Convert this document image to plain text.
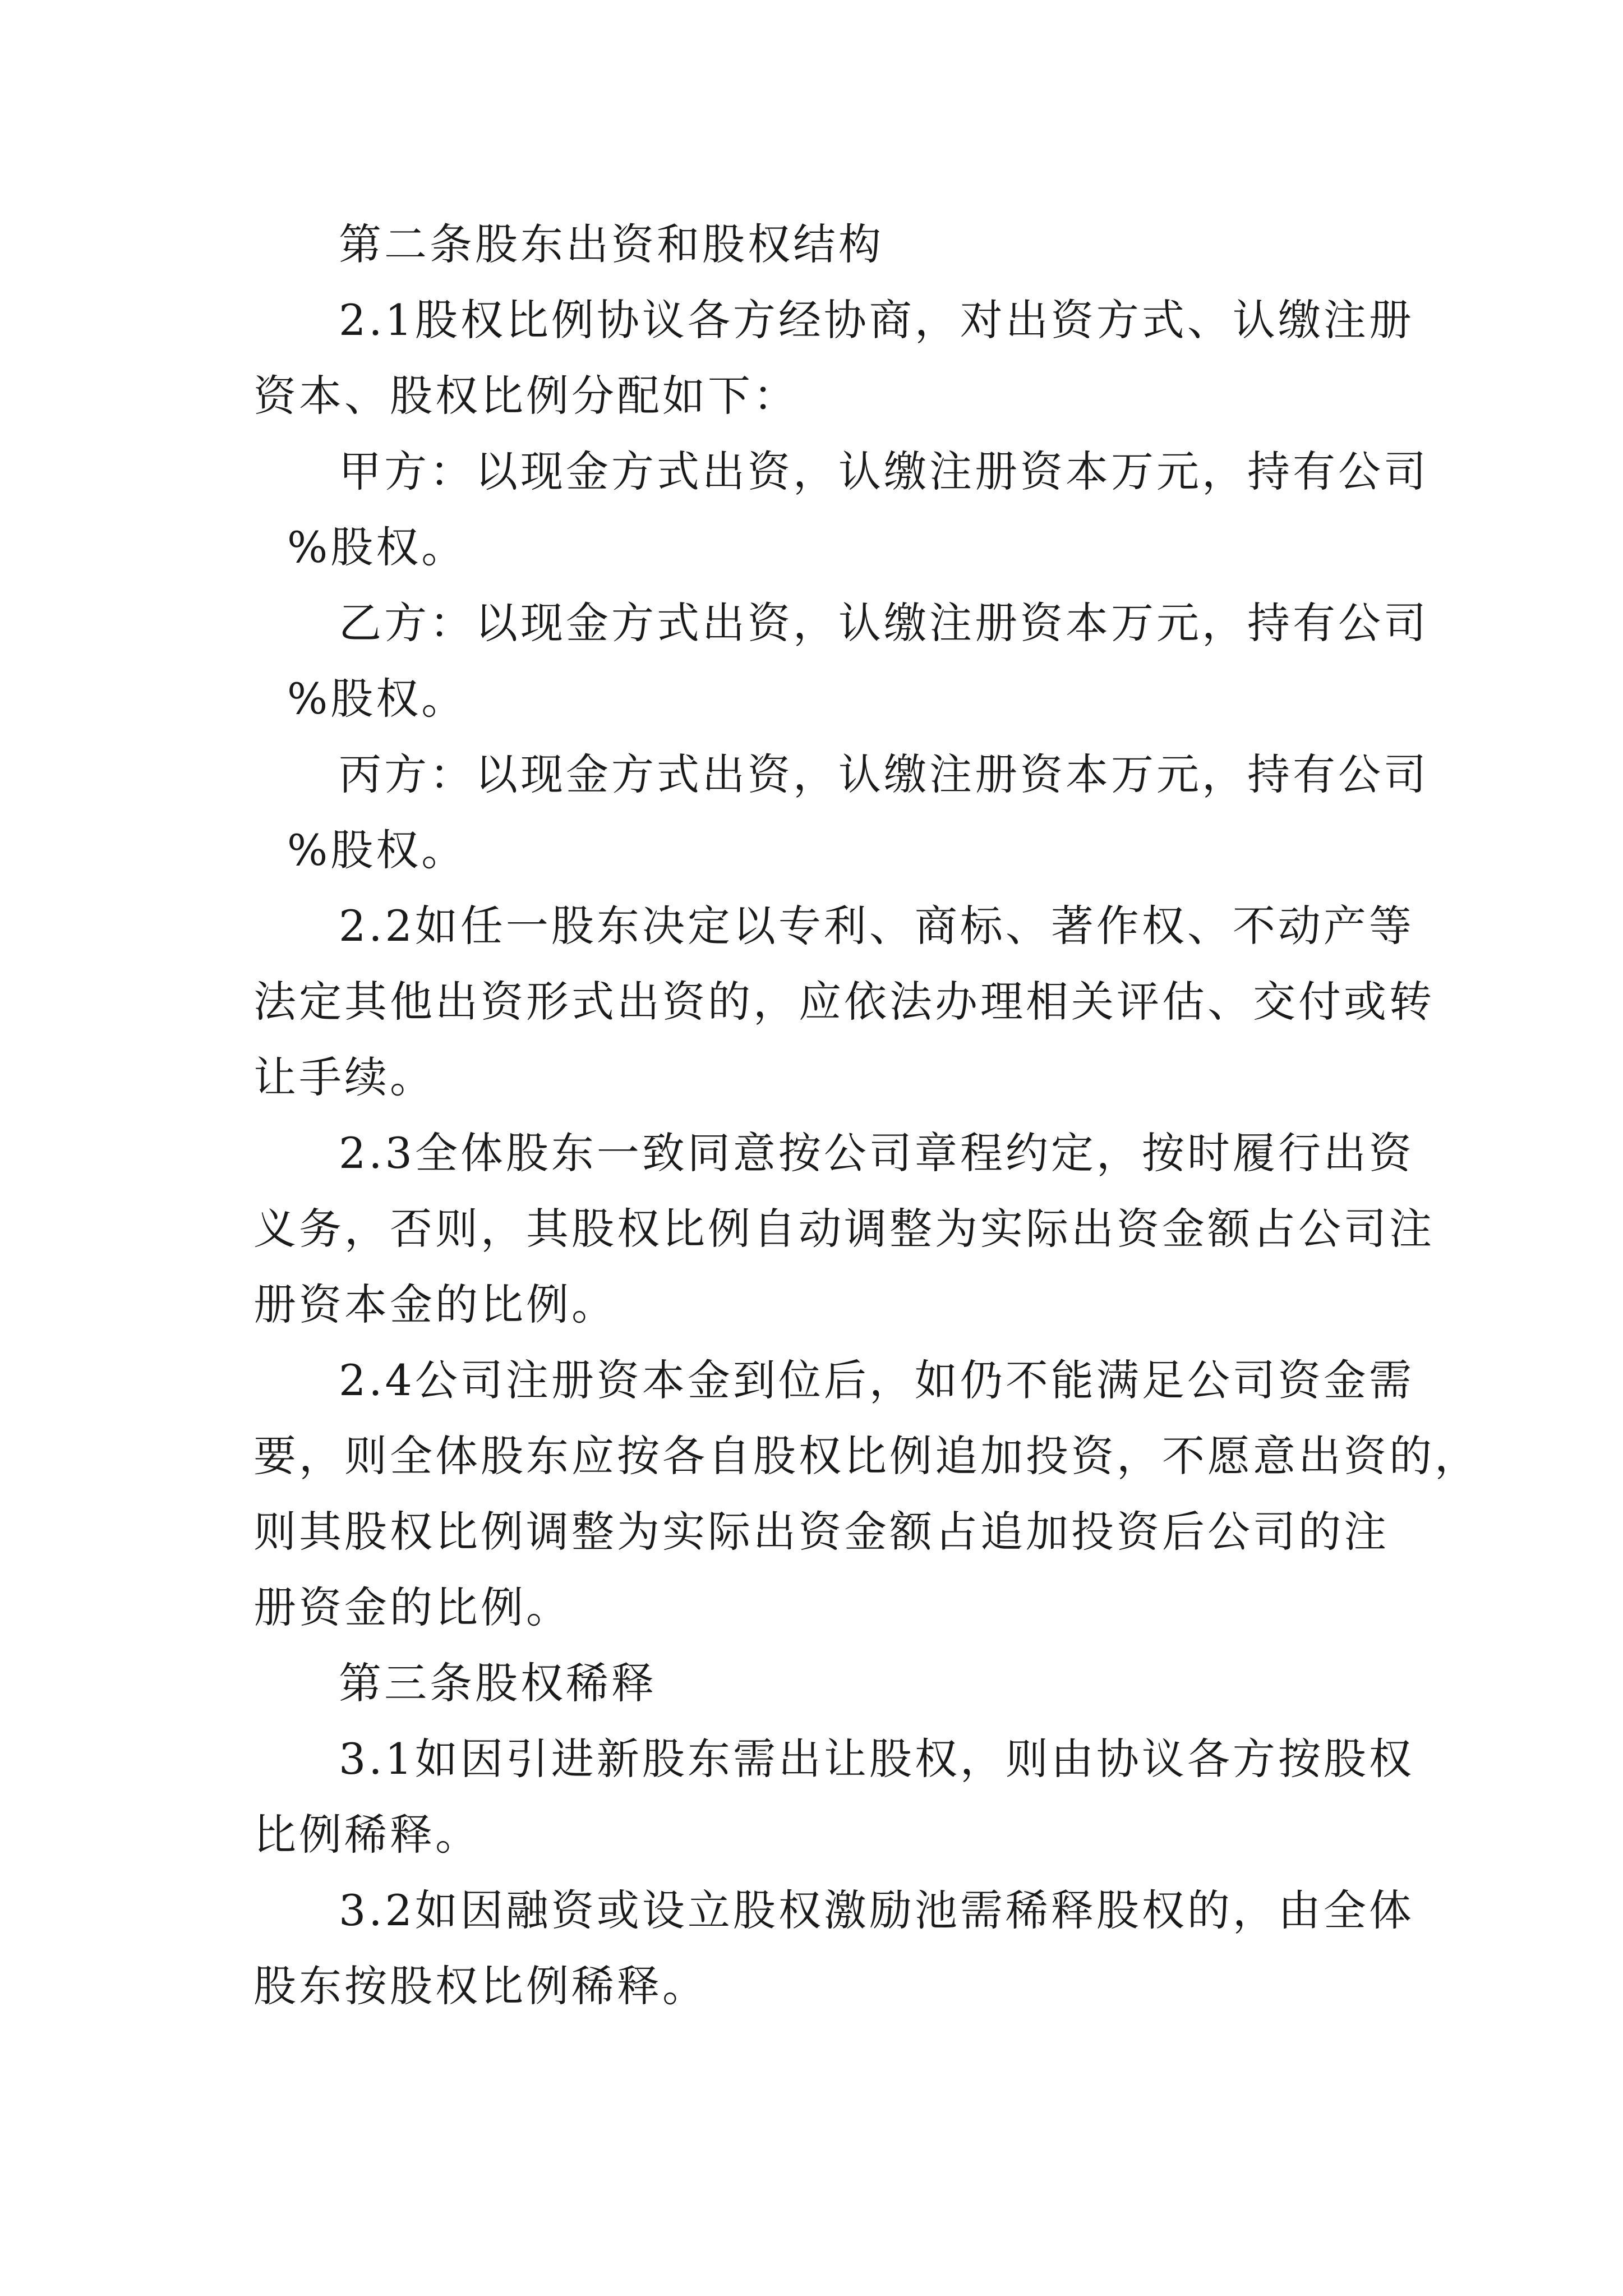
第二条股东出资和股权结构
2.1股权比例协议各方经协商，对出资方式、认缴注册
资本、股权比例分配如下：
甲方：以现金方式出资，认缴注册资本万元，持有公司
%股权。
乙方：以现金方式出资，认缴注册资本万元，持有公司
%股权。
丙方：以现金方式出资，认缴注册资本万元，持有公司
%股权。
2.2如任一股东决定以专利、商标、著作权、不动产等
法定其他出资形式出资的，应依法办理相关评估、交付或转
让手续。
2.3全体股东一致同意按公司章程约定，按时履行出资
义务，否则，其股权比例自动调整为实际出资金额占公司注
册资本金的比例。
2.4公司注册资本金到位后，如仍不能满足公司资金需
要，则全体股东应按各自股权比例追加投资，不愿意出资的，
则其股权比例调整为实际出资金额占追加投资后公司的注
册资金的比例。
第三条股权稀释
3.1如因引进新股东需出让股权，则由协议各方按股权
比例稀释。
3.2如因融资或设立股权激励池需稀释股权的，由全体
股东按股权比例稀释。
